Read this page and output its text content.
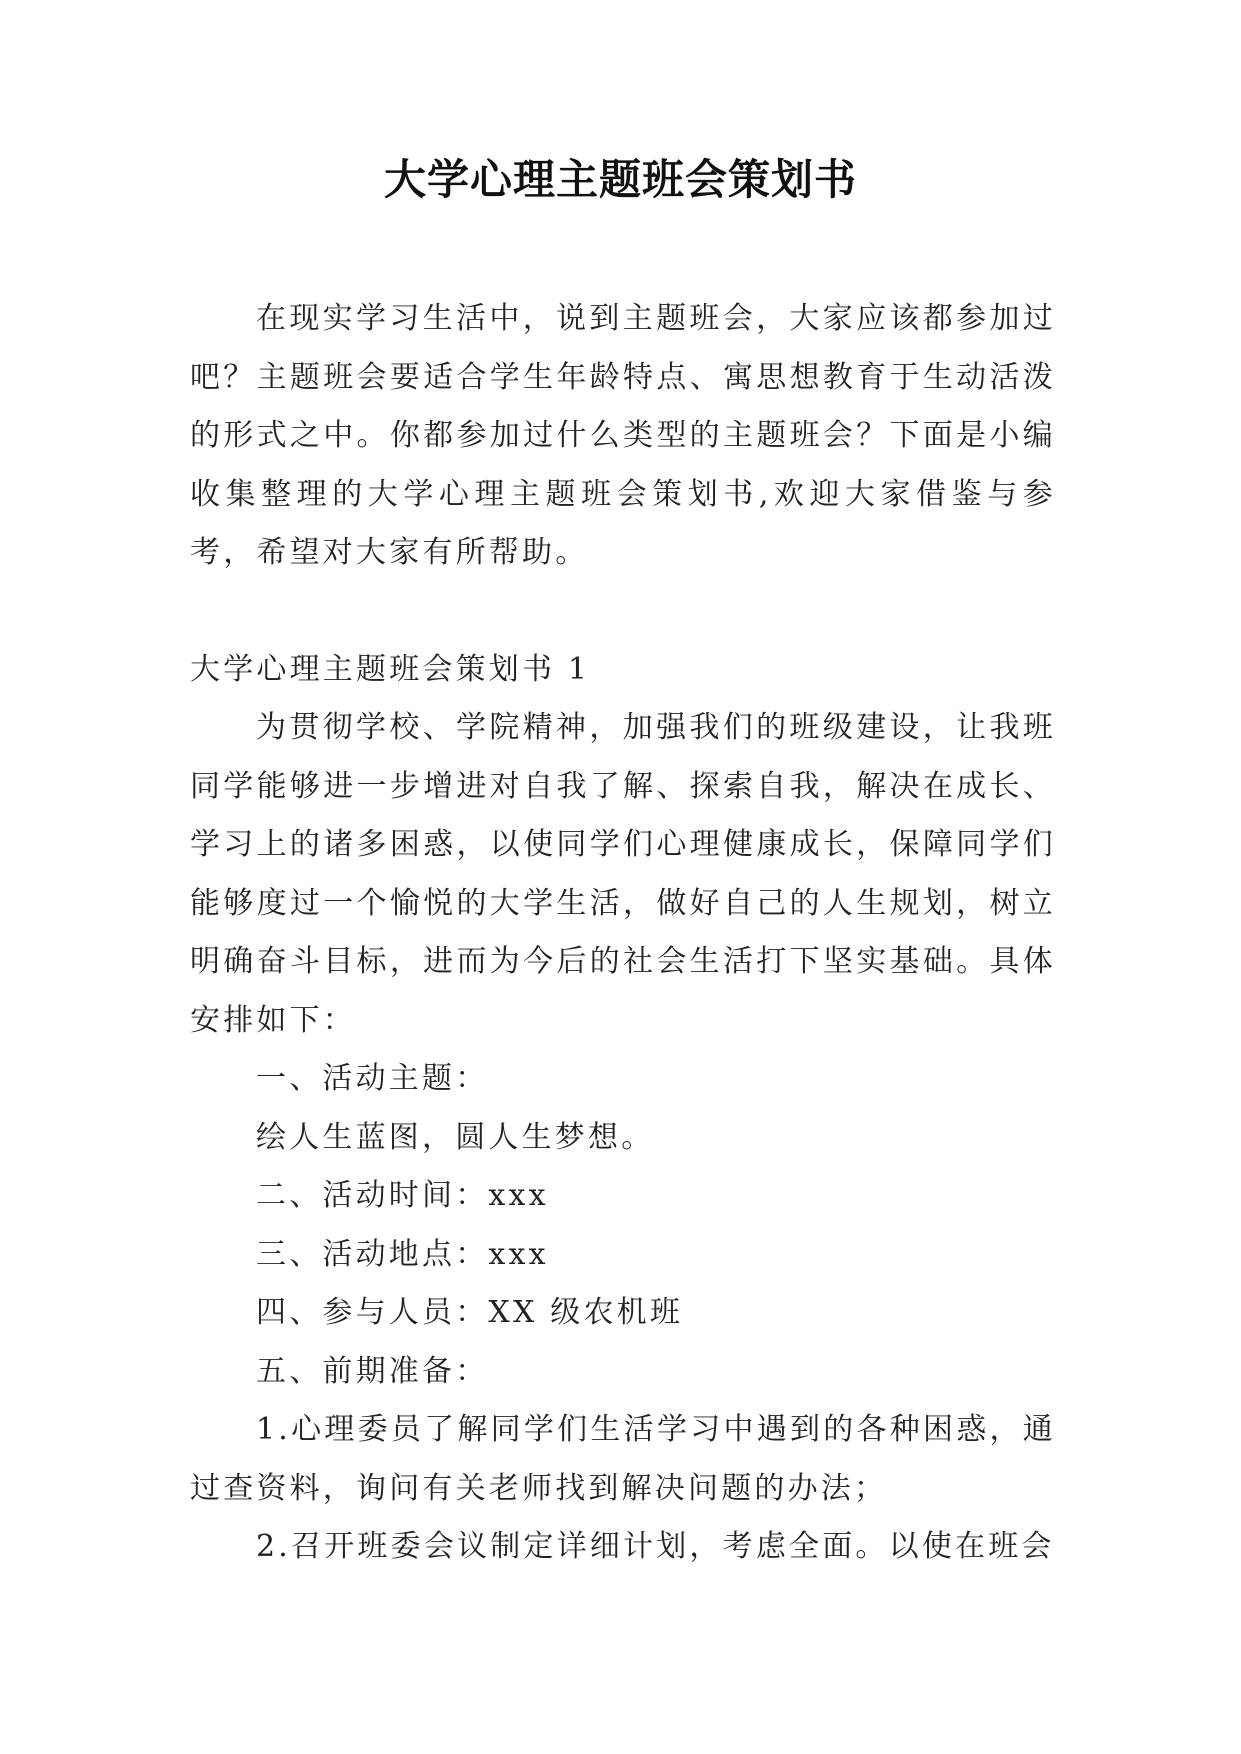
大学心理主题班会策划书

在现实学习生活中，说到主题班会，大家应该都参加过吧？主题班会要适合学生年龄特点、寓思想教育于生动活泼的形式之中。你都参加过什么类型的主题班会？下面是小编收集整理的大学心理主题班会策划书,欢迎大家借鉴与参考，希望对大家有所帮助。

大学心理主题班会策划书 1

为贯彻学校、学院精神，加强我们的班级建设，让我班同学能够进一步增进对自我了解、探索自我，解决在成长、学习上的诸多困惑，以使同学们心理健康成长，保障同学们能够度过一个愉悦的大学生活，做好自己的人生规划，树立明确奋斗目标，进而为今后的社会生活打下坚实基础。具体安排如下：

一、活动主题：

绘人生蓝图，圆人生梦想。

二、活动时间：xxx

三、活动地点：xxx

四、参与人员：XX 级农机班

五、前期准备：

1.心理委员了解同学们生活学习中遇到的各种困惑，通过查资料，询问有关老师找到解决问题的办法；

2.召开班委会议制定详细计划，考虑全面。以使在班会
